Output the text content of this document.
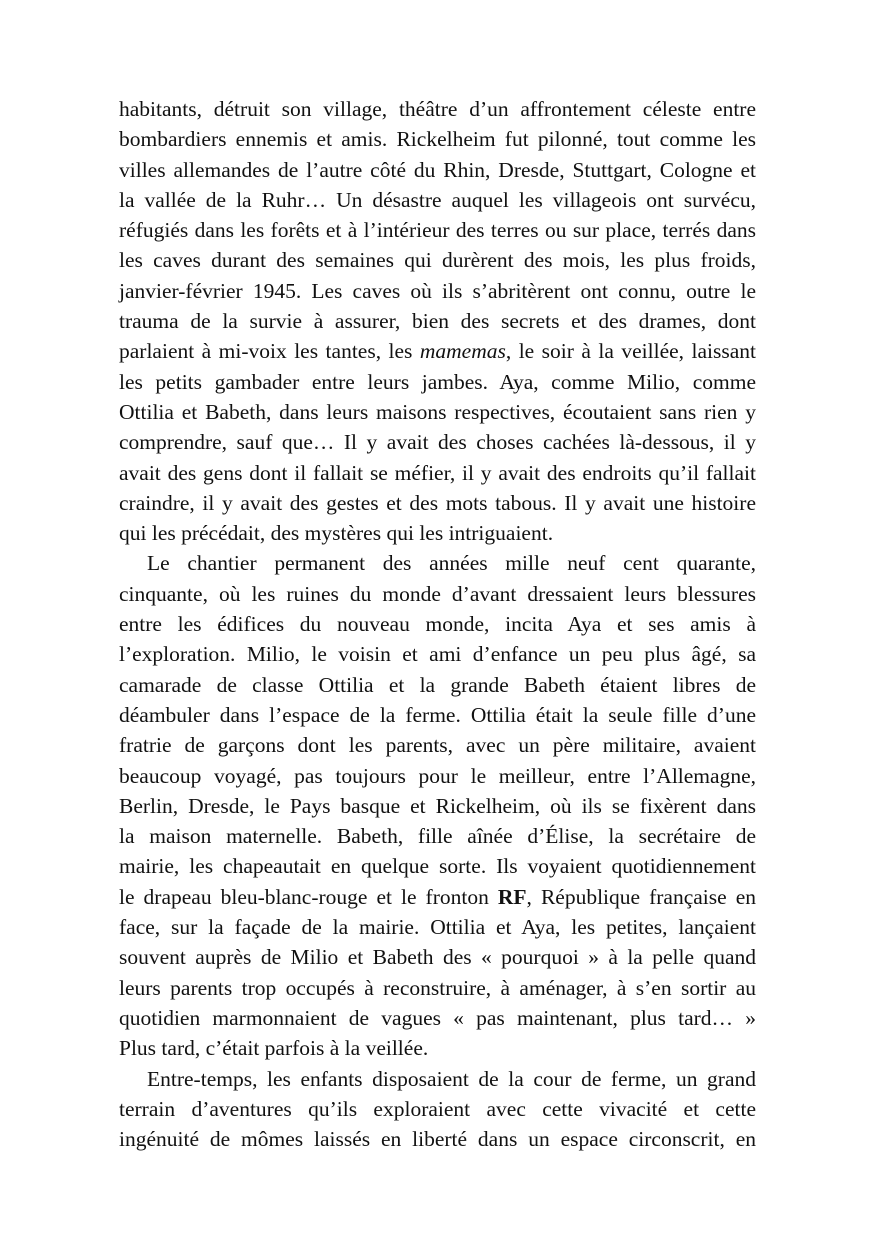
habitants, détruit son village, théâtre d’un affrontement céleste entre
bombardiers ennemis et amis. Rickelheim fut pilonné, tout comme les
villes allemandes de l’autre côté du Rhin, Dresde, Stuttgart, Cologne et
la vallée de la Ruhr… Un désastre auquel les villageois ont survécu,
réfugiés dans les forêts et à l’intérieur des terres ou sur place, terrés dans
les caves durant des semaines qui durèrent des mois, les plus froids,
janvier-février 1945. Les caves où ils s’abritèrent ont connu, outre le
trauma de la survie à assurer, bien des secrets et des drames, dont
parlaient à mi-voix les tantes, les mamemas, le soir à la veillée, laissant
les petits gambader entre leurs jambes. Aya, comme Milio, comme
Ottilia et Babeth, dans leurs maisons respectives, écoutaient sans rien y
comprendre, sauf que… Il y avait des choses cachées là-dessous, il y
avait des gens dont il fallait se méfier, il y avait des endroits qu’il fallait
craindre, il y avait des gestes et des mots tabous. Il y avait une histoire
qui les précédait, des mystères qui les intriguaient.
Le chantier permanent des années mille neuf cent quarante,
cinquante, où les ruines du monde d’avant dressaient leurs blessures
entre les édifices du nouveau monde, incita Aya et ses amis à
l’exploration. Milio, le voisin et ami d’enfance un peu plus âgé, sa
camarade de classe Ottilia et la grande Babeth étaient libres de
déambuler dans l’espace de la ferme. Ottilia était la seule fille d’une
fratrie de garçons dont les parents, avec un père militaire, avaient
beaucoup voyagé, pas toujours pour le meilleur, entre l’Allemagne,
Berlin, Dresde, le Pays basque et Rickelheim, où ils se fixèrent dans
la maison maternelle. Babeth, fille aînée d’Élise, la secrétaire de
mairie, les chapeautait en quelque sorte. Ils voyaient quotidiennement
le drapeau bleu-blanc-rouge et le fronton RF, République française en
face, sur la façade de la mairie. Ottilia et Aya, les petites, lançaient
souvent auprès de Milio et Babeth des « pourquoi » à la pelle quand
leurs parents trop occupés à reconstruire, à aménager, à s’en sortir au
quotidien marmonnaient de vagues « pas maintenant, plus tard… »
Plus tard, c’était parfois à la veillée.
Entre-temps, les enfants disposaient de la cour de ferme, un grand
terrain d’aventures qu’ils exploraient avec cette vivacité et cette
ingénuité de mômes laissés en liberté dans un espace circonscrit, en
